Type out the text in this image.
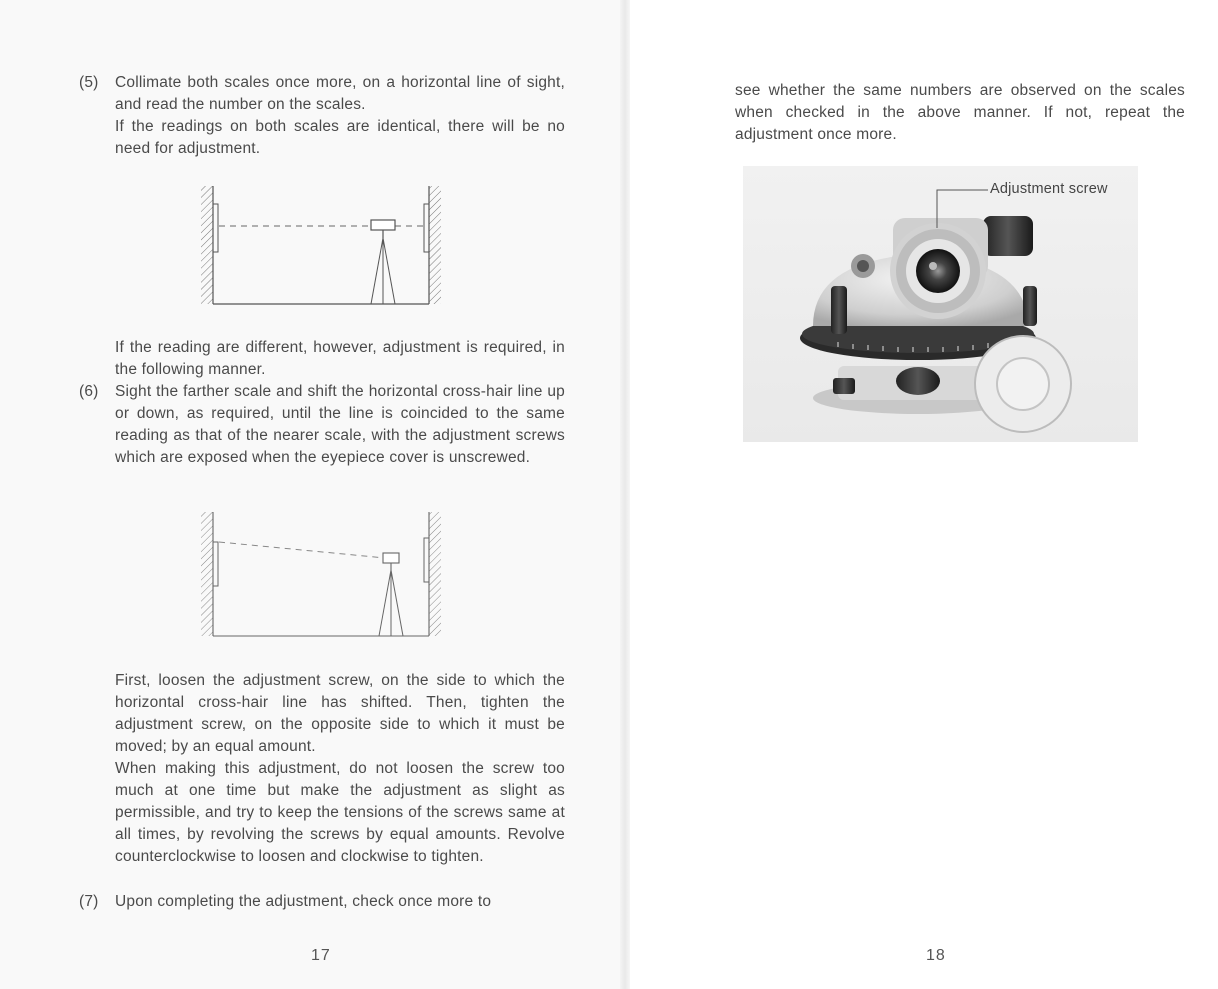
(5) Collimate both scales once more, on a horizontal line of sight, and read the number on the scales.

If the readings on both scales are identical, there will be no need for adjustment.

If the reading are different, however, adjustment is required, in the following manner.

(6) Sight the farther scale and shift the horizontal cross-hair line up or down, as required, until the line is coincided to the same reading as that of the nearer scale, with the adjustment screws which are exposed when the eyepiece cover is unscrewed.

First, loosen the adjustment screw, on the side to which the horizontal cross-hair line has shifted. Then, tighten the adjustment screw, on the opposite side to which it must be moved; by an equal amount.

When making this adjustment, do not loosen the screw too much at one time but make the adjustment as slight as permissible, and try to keep the tensions of the screws same at all times, by revolving the screws by equal amounts. Revolve counterclockwise to loosen and clockwise to tighten.

(7) Upon completing the adjustment, check once more to

17

see whether the same numbers are observed on the scales when checked in the above manner. If not, repeat the adjustment once more.

Adjustment screw
18
